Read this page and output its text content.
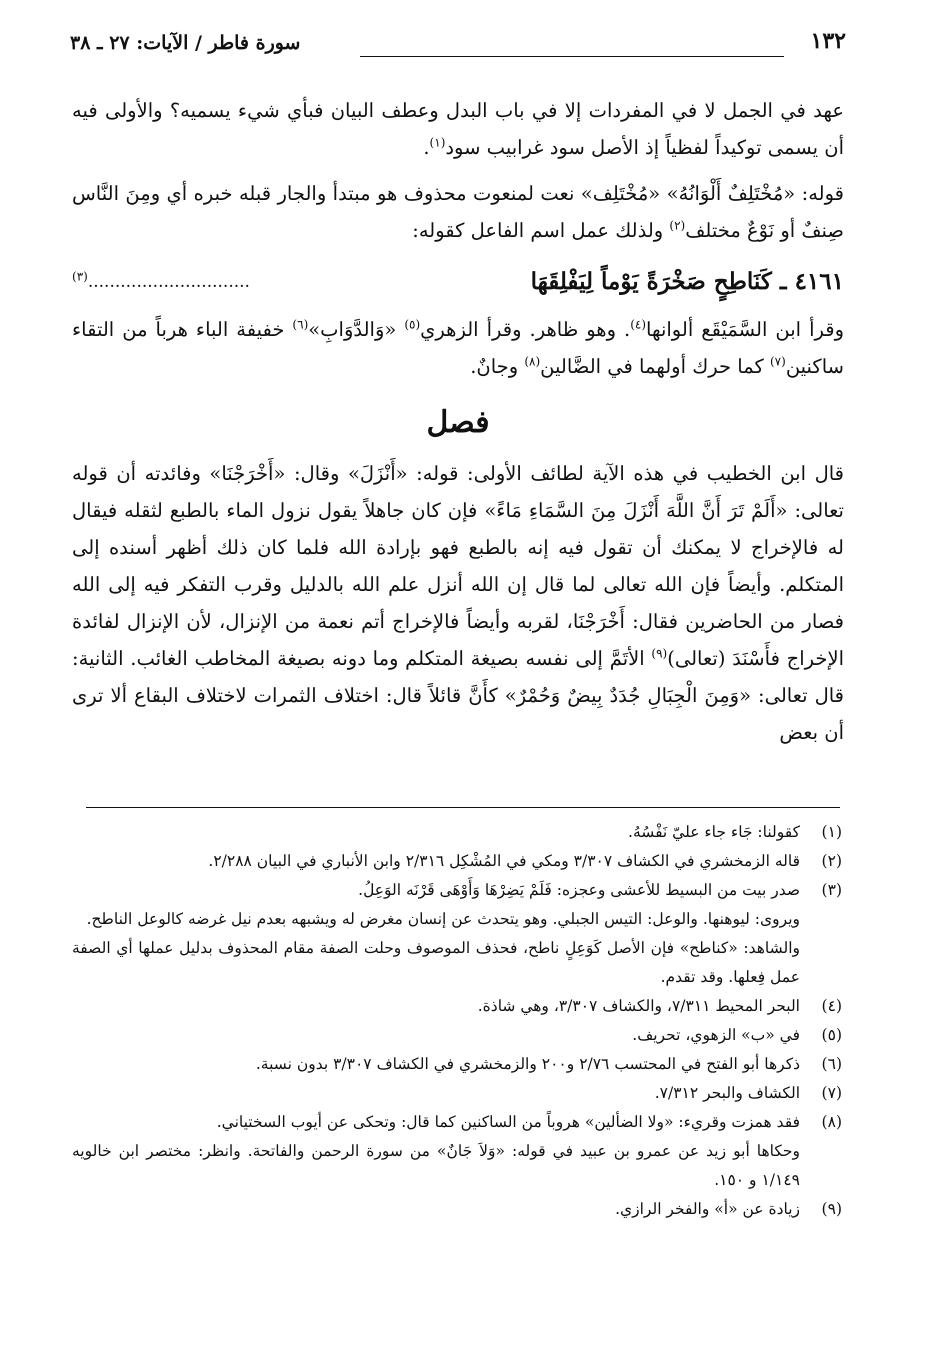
١٣٢
سورة فاطر / الآيات: ٢٧ ـ ٣٨

عهد في الجمل لا في المفردات إلا في باب البدل وعطف البيان فبأي شيء يسميه؟ والأولى فيه أن يسمى توكيداً لفظياً إذ الأصل سود غرابيب سود$^{(١)}$.

قوله: «مُخْتَلِفٌ أَلْوَانُهُ» «مُخْتَلِف» نعت لمنعوت محذوف هو مبتدأ والجار قبله خبره أي ومِنَ النَّاس صِنفٌ أو نَوْعٌ مختلف$^{(٢)}$ ولذلك عمل اسم الفاعل كقوله:

٤١٦١ ـ كَنَاطِحٍ صَخْرَةً يَوْماً لِيَفْلِقَهَا
..............................$^{(٣)}$

وقرأ ابن السَّمَيْقَع ألوانها$^{(٤)}$. وهو ظاهر. وقرأ الزهري$^{(٥)}$ «وَالدَّوَابِ»$^{(٦)}$ خفيفة الباء هرباً من التقاء ساكنين$^{(٧)}$ كما حرك أولهما في الضَّالين$^{(٨)}$ وجانٌ.

فصل

قال ابن الخطيب في هذه الآية لطائف الأولى: قوله: «أَنْزَلَ» وقال: «أَخْرَجْنَا» وفائدته أن قوله تعالى: «أَلَمْ تَرَ أَنَّ اللَّهَ أَنْزَلَ مِنَ السَّمَاءِ مَاءً» فإن كان جاهلاً يقول نزول الماء بالطبع لثقله فيقال له فالإخراج لا يمكنك أن تقول فيه إنه بالطبع فهو بإرادة الله فلما كان ذلك أظهر أسنده إلى المتكلم. وأيضاً فإن الله تعالى لما قال إن الله أنزل علم الله بالدليل وقرب التفكر فيه إلى الله فصار من الحاضرين فقال: أَخْرَجْنَا، لقربه وأيضاً فالإخراج أتم نعمة من الإنزال، لأن الإنزال لفائدة الإخراج فأَسْنَدَ (تعالى)$^{(٩)}$ الأتَمَّ إلى نفسه بصيغة المتكلم وما دونه بصيغة المخاطب الغائب. الثانية: قال تعالى: «وَمِنَ الْجِبَالِ جُدَدٌ بِيضٌ وَحُمْرٌ» كأَنَّ قائلاً قال: اختلاف الثمرات لاختلاف البقاع ألا ترى أن بعض

(١)
كقولنا: جَاء جاء عليّ نَفْسُهُ.
(٢)
قاله الزمخشري في الكشاف ٣/٣٠٧ ومكي في المُشْكِل ٢/٣١٦ وابن الأنباري في البيان ٢/٢٨٨.
(٣)
صدر بيت من البسيط للأعشى وعجزه: فَلَمْ يَضِرْهَا وَأَوْهَى قَرْنَه الوَعِلُ.
ويروى: ليوهنها. والوعل: التيس الجبلي. وهو يتحدث عن إنسان مغرض له ويشبهه بعدم نيل غرضه كالوعل الناطح.
والشاهد: «كناطح» فإن الأصل كَوَعِلٍ ناطح، فحذف الموصوف وحلت الصفة مقام المحذوف بدليل عملها أي الصفة عمل فِعلها. وقد تقدم.
(٤)
البحر المحيط ٧/٣١١، والكشاف ٣/٣٠٧، وهي شاذة.
(٥)
في «ب» الزهوي، تحريف.
(٦)
ذكرها أبو الفتح في المحتسب ٢/٧٦ و٢٠٠ والزمخشري في الكشاف ٣/٣٠٧ بدون نسبة.
(٧)
الكشاف والبحر ٧/٣١٢.
(٨)
فقد همزت وقريء: «ولا الضألين» هروباً من الساكنين كما قال: وتحكى عن أيوب السختياني.
وحكاها أبو زيد عن عمرو بن عبيد في قوله: «وَلاَ جَانٌ» من سورة الرحمن والفاتحة. وانظر: مختصر ابن خالويه ١/١٤٩ و ١٥٠.
(٩)
زيادة عن «أ» والفخر الرازي.
